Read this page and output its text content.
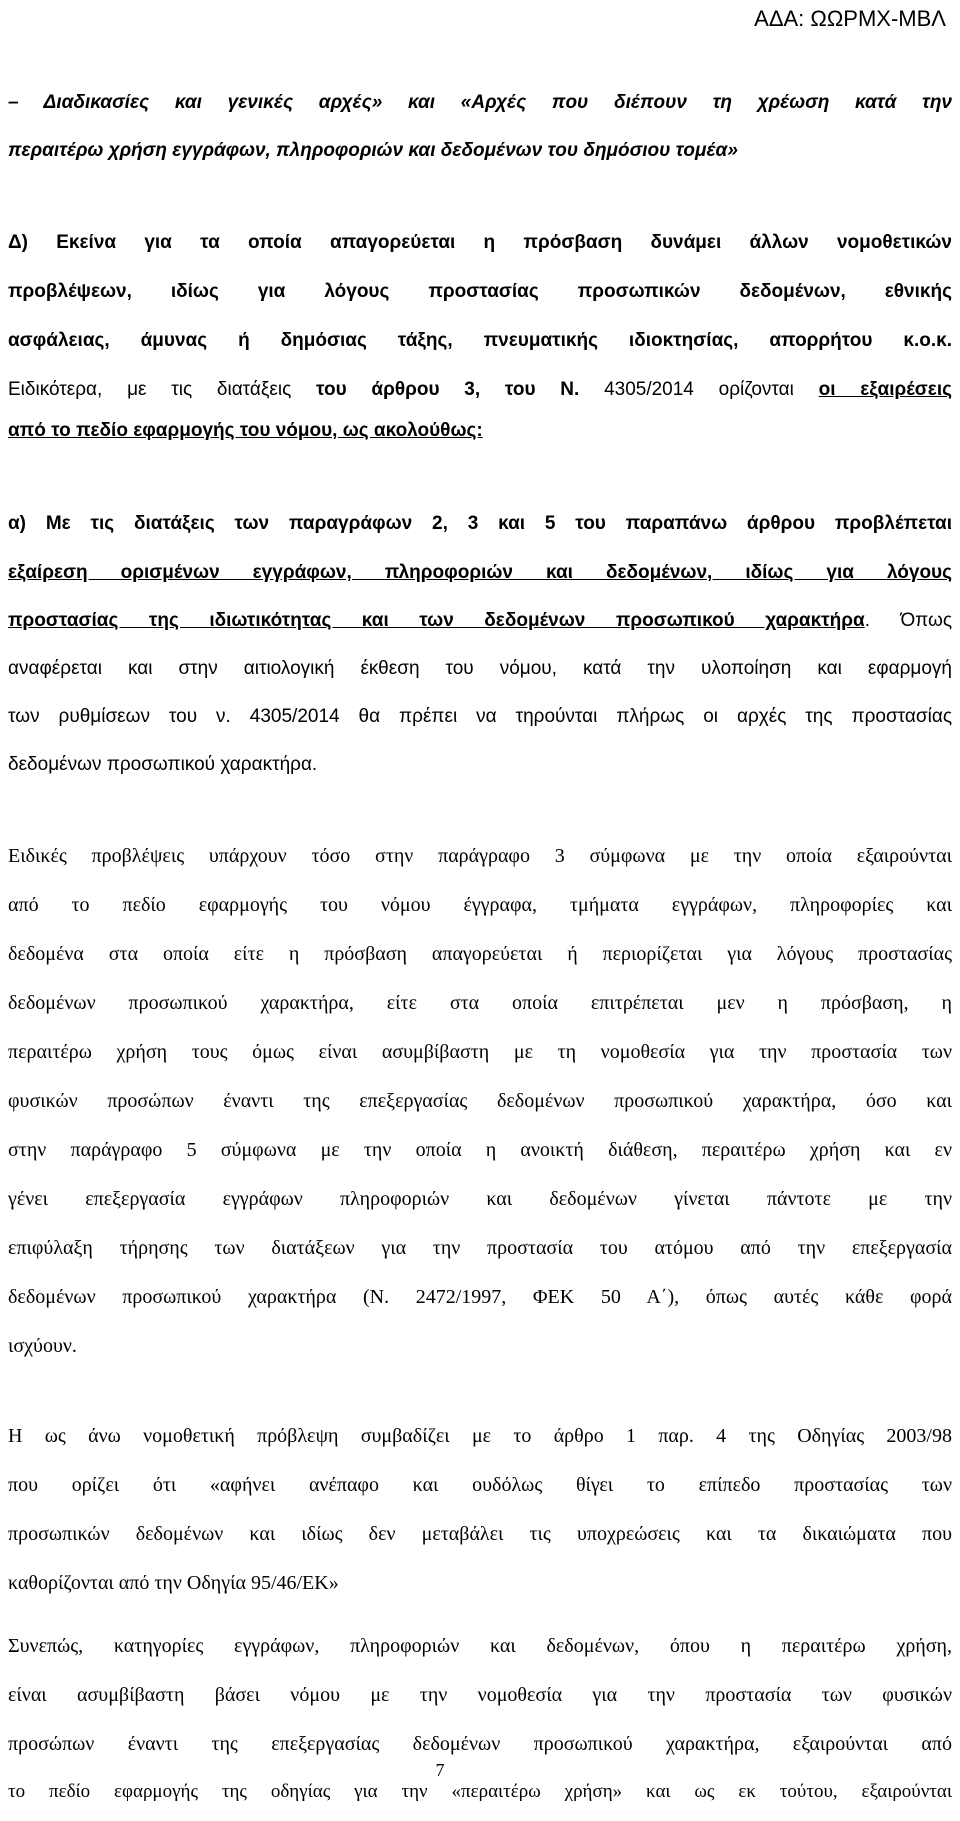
ΑΔΑ: ΩΩΡΜΧ-ΜΒΛ

– Διαδικασίες και γενικές αρχές» και «Αρχές που διέπουν τη χρέωση κατά την

περαιτέρω χρήση εγγράφων, πληροφοριών και δεδομένων του δημόσιου τομέα»

Δ) Εκείνα για τα οποία απαγορεύεται η πρόσβαση δυνάμει άλλων νομοθετικών

προβλέψεων, ιδίως για λόγους προστασίας προσωπικών δεδομένων, εθνικής

ασφάλειας, άμυνας ή δημόσιας τάξης, πνευματικής ιδιοκτησίας, απορρήτου κ.ο.κ.

Ειδικότερα, με τις διατάξεις του άρθρου 3, του Ν. 4305/2014 ορίζονται οι εξαιρέσεις

από το πεδίο εφαρμογής του νόμου, ως ακολούθως:

α) Με τις διατάξεις των παραγράφων 2, 3 και 5 του παραπάνω άρθρου προβλέπεται

εξαίρεση ορισμένων εγγράφων, πληροφοριών και δεδομένων, ιδίως για λόγους

προστασίας της ιδιωτικότητας και των δεδομένων προσωπικού χαρακτήρα. Όπως

αναφέρεται και στην αιτιολογική έκθεση του νόμου, κατά την υλοποίηση και εφαρμογή

των ρυθμίσεων του ν. 4305/2014 θα πρέπει να τηρούνται πλήρως οι αρχές της προστασίας

δεδομένων προσωπικού χαρακτήρα.

Ειδικές προβλέψεις υπάρχουν τόσο στην παράγραφο 3 σύμφωνα με την οποία εξαιρούνται

από το πεδίο εφαρμογής του νόμου έγγραφα, τμήματα εγγράφων, πληροφορίες και

δεδομένα στα οποία είτε η πρόσβαση απαγορεύεται ή περιορίζεται για λόγους προστασίας

δεδομένων προσωπικού χαρακτήρα, είτε στα οποία επιτρέπεται μεν η πρόσβαση, η

περαιτέρω χρήση τους όμως είναι ασυμβίβαστη με τη νομοθεσία για την προστασία των

φυσικών προσώπων έναντι της επεξεργασίας δεδομένων προσωπικού χαρακτήρα, όσο και

στην παράγραφο 5 σύμφωνα με την οποία η ανοικτή διάθεση, περαιτέρω χρήση και εν

γένει επεξεργασία εγγράφων πληροφοριών και δεδομένων γίνεται πάντοτε με την

επιφύλαξη τήρησης των διατάξεων για την προστασία του ατόμου από την επεξεργασία

δεδομένων προσωπικού χαρακτήρα (Ν. 2472/1997, ΦΕΚ 50 Α΄), όπως αυτές κάθε φορά

ισχύουν.

Η ως άνω νομοθετική πρόβλεψη συμβαδίζει με το άρθρο 1 παρ. 4 της Οδηγίας 2003/98

που ορίζει ότι «αφήνει ανέπαφο και ουδόλως θίγει το επίπεδο προστασίας των

προσωπικών δεδομένων και ιδίως δεν μεταβάλει τις υποχρεώσεις και τα δικαιώματα που

καθορίζονται από την Οδηγία 95/46/ΕΚ»

Συνεπώς, κατηγορίες εγγράφων, πληροφοριών και δεδομένων, όπου η περαιτέρω χρήση,

είναι ασυμβίβαστη βάσει νόμου με την νομοθεσία για την προστασία των φυσικών

προσώπων έναντι της επεξεργασίας δεδομένων προσωπικού χαρακτήρα, εξαιρούνται από

το πεδίο εφαρμογής της οδηγίας για την «περαιτέρω χρήση» και ως εκ τούτου, εξαιρούνται

7
